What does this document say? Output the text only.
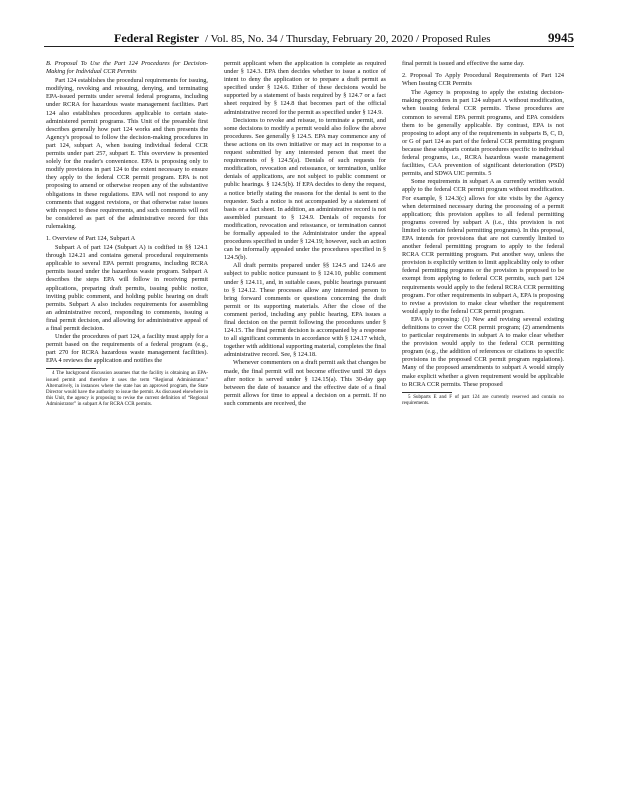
Federal Register / Vol. 85, No. 34 / Thursday, February 20, 2020 / Proposed Rules	9945

B. Proposal To Use the Part 124 Procedures for Decision-Making for Individual CCR Permits

Part 124 establishes the procedural requirements for issuing, modifying, revoking and reissuing, denying, and terminating EPA-issued permits under several federal programs, including under RCRA for hazardous waste management facilities. Part 124 also establishes procedures applicable to certain state-administered permit programs. This Unit of the preamble first describes generally how part 124 works and then presents the Agency's proposal to follow the decision-making procedures in part 124, subpart A, when issuing individual federal CCR permits under part 257, subpart E. This overview is presented solely for the reader's convenience. EPA is proposing only to modify provisions in part 124 to the extent necessary to ensure they apply to the federal CCR permit program. EPA is not proposing to amend or otherwise reopen any of the substantive obligations in these regulations. EPA will not respond to any comments that suggest revisions, or that otherwise raise issues with respect to these requirements, and such comments will not be considered as part of the administrative record for this rulemaking.

1. Overview of Part 124, Subpart A

Subpart A of part 124 (Subpart A) is codified in §§ 124.1 through 124.21 and contains general procedural requirements applicable to several EPA permit programs, including RCRA permits issued under the hazardous waste program. Subpart A describes the steps EPA will follow in receiving permit applications, preparing draft permits, issuing public notice, inviting public comment, and holding public hearing on draft permits. Subpart A also includes requirements for assembling an administrative record, responding to comments, issuing a final permit decision, and allowing for administrative appeal of a final permit decision.

Under the procedures of part 124, a facility must apply for a permit based on the requirements of a federal program (e.g., part 270 for RCRA hazardous waste management facilities). EPA 4 reviews the application and notifies the

4 The background discussion assumes that the facility is obtaining an EPA-issued permit and therefore it uses the term “Regional Administrator.” Alternatively, in instances where the state has an approved program, the State Director would have the authority to issue the permit. As discussed elsewhere in this Unit, the agency is proposing to revise the current definition of “Regional Administrator” in subpart A for RCRA CCR permits.

permit applicant when the application is complete as required under § 124.3. EPA then decides whether to issue a notice of intent to deny the application or to prepare a draft permit as specified under § 124.6. Either of these decisions would be supported by a statement of basis required by § 124.7 or a fact sheet required by § 124.8 that becomes part of the official administrative record for the permit as specified under § 124.9.

Decisions to revoke and reissue, to terminate a permit, and some decisions to modify a permit would also follow the above procedures. See generally § 124.5. EPA may commence any of these actions on its own initiative or may act in response to a request submitted by any interested person that meet the requirements of § 124.5(a). Denials of such requests for modification, revocation and reissuance, or termination, unlike denials of applications, are not subject to public comment or public hearings. § 124.5(b). If EPA decides to deny the request, a notice briefly stating the reasons for the denial is sent to the requester. Such a notice is not accompanied by a statement of basis or a fact sheet. In addition, an administrative record is not assembled pursuant to § 124.9. Denials of requests for modification, revocation and reissuance, or termination cannot be formally appealed to the Administrator under the appeal procedures specified in under § 124.19; however, such an action can be informally appealed under the procedures specified in § 124.5(b).

All draft permits prepared under §§ 124.5 and 124.6 are subject to public notice pursuant to § 124.10, public comment under § 124.11, and, in suitable cases, public hearings pursuant to § 124.12. These processes allow any interested person to bring forward comments or questions concerning the draft permit or its supporting materials. After the close of the comment period, including any public hearing, EPA issues a final decision on the permit following the procedures under § 124.15. The final permit decision is accompanied by a response to all significant comments in accordance with § 124.17 which, together with additional supporting material, completes the final administrative record. See, § 124.18.

Whenever commenters on a draft permit ask that changes be made, the final permit will not become effective until 30 days after notice is served under § 124.15(a). This 30-day gap between the date of issuance and the effective date of a final permit allows for time to appeal a decision on a permit. If no such comments are received, the

final permit is issued and effective the same day.

2. Proposal To Apply Procedural Requirements of Part 124 When Issuing CCR Permits

The Agency is proposing to apply the existing decision-making procedures in part 124 subpart A without modification, when issuing federal CCR permits. These procedures are common to several EPA permit programs, and EPA considers them to be generally applicable. By contrast, EPA is not proposing to adopt any of the requirements in subparts B, C, D, or G of part 124 as part of the federal CCR permitting program because these subparts contain procedures specific to individual federal programs, i.e., RCRA hazardous waste management facilities, CAA prevention of significant deterioration (PSD) permits, and SDWA UIC permits. 5

Some requirements in subpart A as currently written would apply to the federal CCR permit program without modification. For example, § 124.3(c) allows for site visits by the Agency when determined necessary during the processing of a permit application; this provision applies to all federal permitting programs covered by subpart A (i.e., this provision is not limited to certain federal permitting programs). In this proposal, EPA intends for provisions that are not currently limited to another federal permitting program to apply to the federal RCRA CCR permitting program. Put another way, unless the provision is explicitly written to limit applicability only to other federal permitting programs or the provision is proposed to be exempt from applying to federal CCR permits, such part 124 requirements would apply to the federal RCRA CCR permitting program. For other requirements in subpart A, EPA is proposing to revise a provision to make clear whether the requirement would apply to the federal CCR permit program.

EPA is proposing: (1) New and revising several existing definitions to cover the CCR permit program; (2) amendments to particular requirements in subpart A to make clear whether the provision would apply to the federal CCR permitting program (e.g., the addition of references or citations to specific provisions in the proposed CCR permit program regulations). Many of the proposed amendments to subpart A would simply make explicit whether a given requirement would be applicable to RCRA CCR permits. These proposed

5 Subparts E and F of part 124 are currently reserved and contain no requirements.
